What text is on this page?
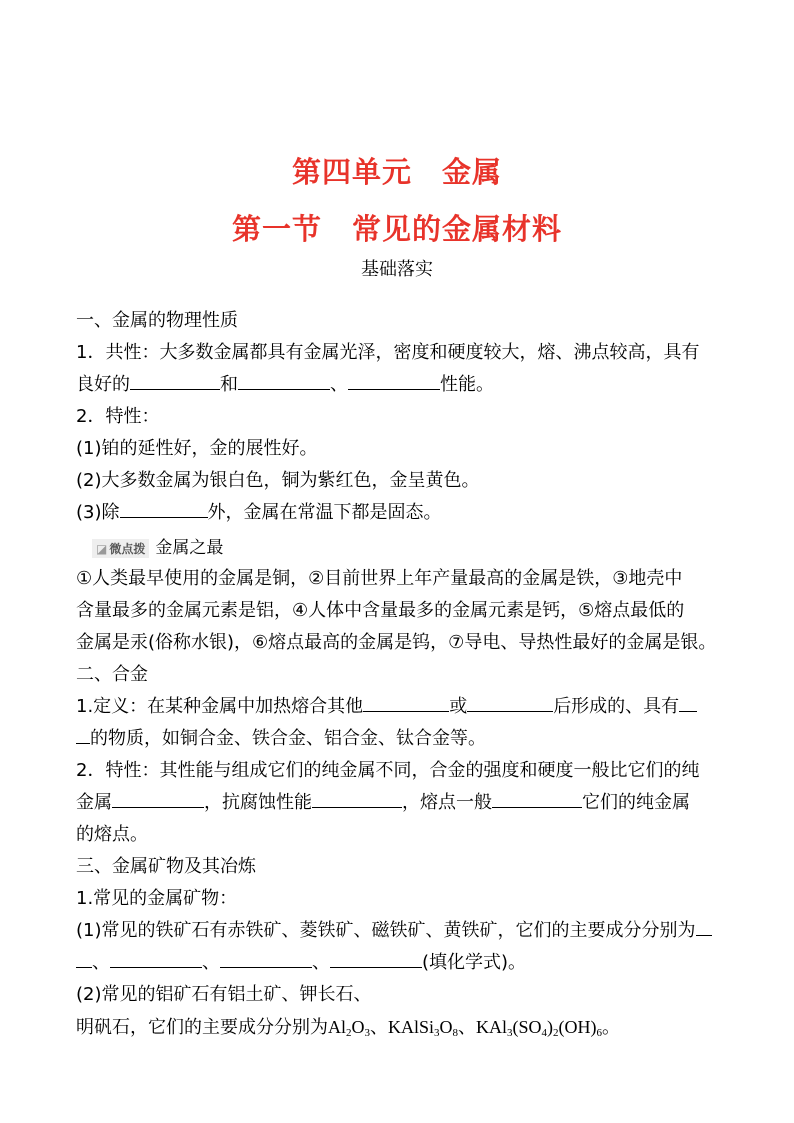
第四单元　金属
第一节　常见的金属材料
基础落实
一、金属的物理性质
1．共性：大多数金属都具有金属光泽，密度和硬度较大，熔、沸点较高，具有
良好的	和	、	性能。
2．特性：
(1)铂的延性好，金的展性好。
(2)大多数金属为银白色，铜为紫红色，金呈黄色。
(3)除	外，金属在常温下都是固态。
◪ 微点拨 金属之最
①人类最早使用的金属是铜，②目前世界上年产量最高的金属是铁，③地壳中
含量最多的金属元素是铝，④人体中含量最多的金属元素是钙，⑤熔点最低的
金属是汞(俗称水银)，⑥熔点最高的金属是钨，⑦导电、导热性最好的金属是银。
二、合金
1.定义：在某种金属中加热熔合其他	或	后形成的、具有
的物质，如铜合金、铁合金、铝合金、钛合金等。
2．特性：其性能与组成它们的纯金属不同，合金的强度和硬度一般比它们的纯
金属	，抗腐蚀性能	，熔点一般	它们的纯金属
的熔点。
三、金属矿物及其冶炼
1.常见的金属矿物：
(1)常见的铁矿石有赤铁矿、菱铁矿、磁铁矿、黄铁矿，它们的主要成分分别为
、	、	、	(填化学式)。
(2)常见的铝矿石有铝土矿、钾长石、
明矾石，它们的主要成分分别为$Al_2O_3$、$KAlSi_3O_8$、$KAl_3(SO_4)_2(OH)_6$。
